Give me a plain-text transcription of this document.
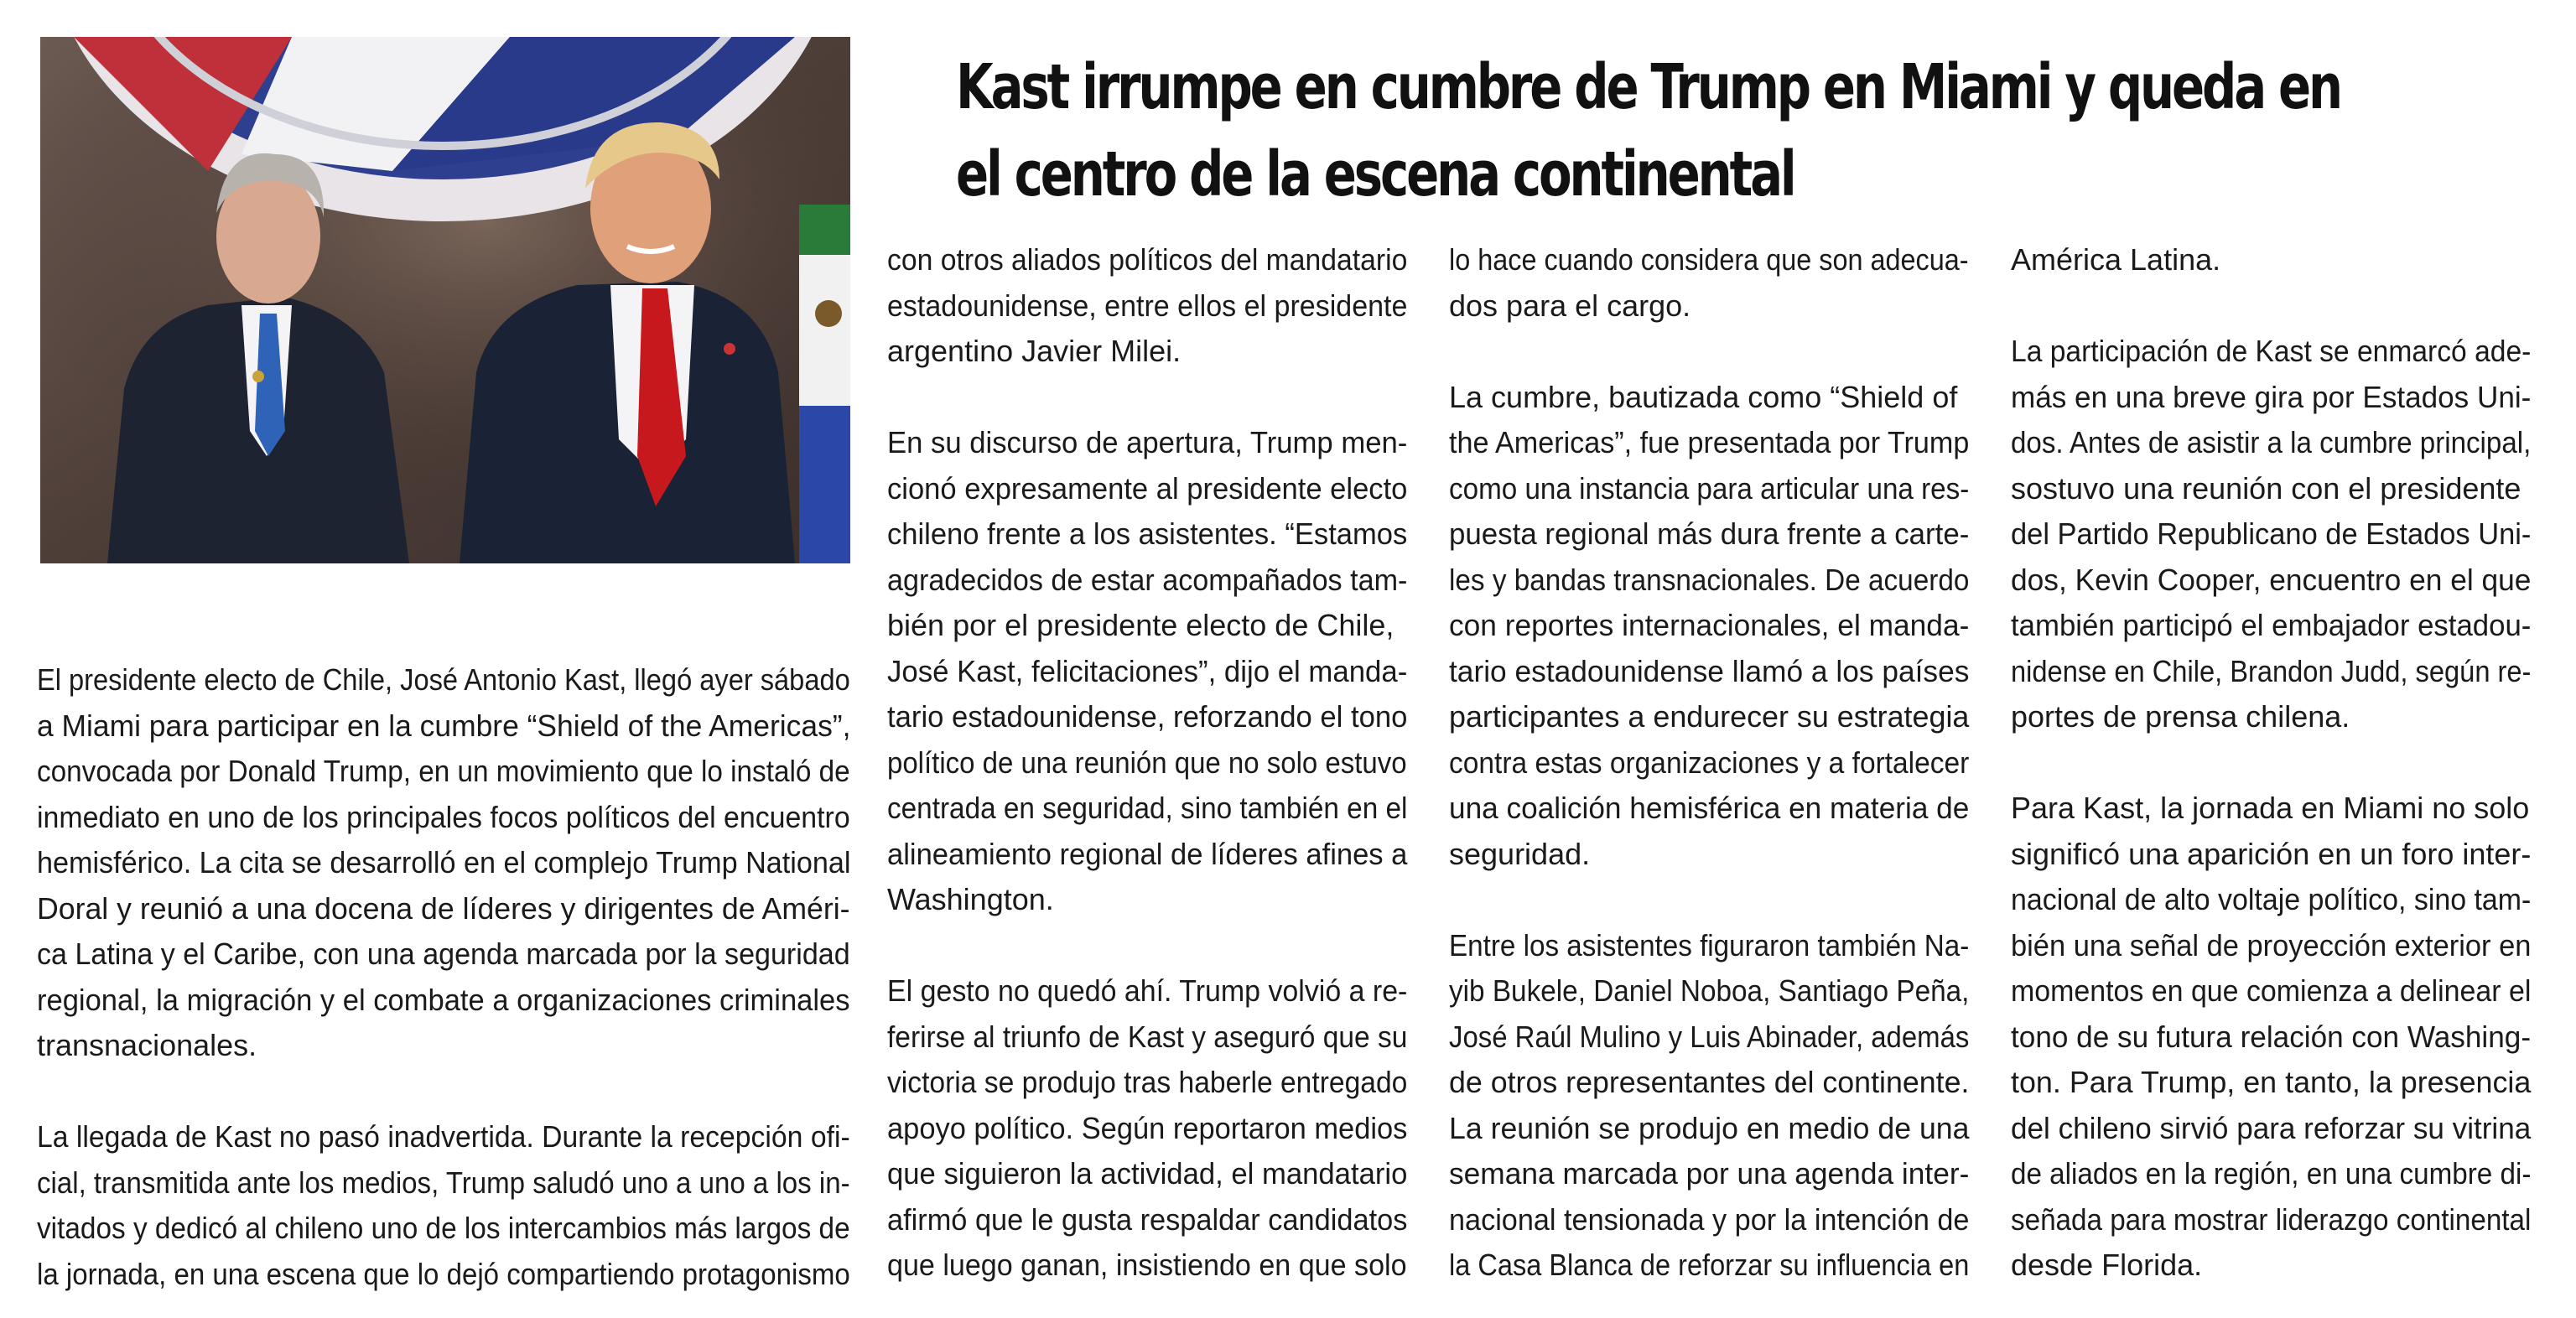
Kast irrumpe en cumbre de Trump en Miami y queda en
el centro de la escena continental

El presidente electo de Chile, José Antonio Kast, llegó ayer sábado
a Miami para participar en la cumbre “Shield of the Americas”,
convocada por Donald Trump, en un movimiento que lo instaló de
inmediato en uno de los principales focos políticos del encuentro
hemisférico. La cita se desarrolló en el complejo Trump National
Doral y reunió a una docena de líderes y dirigentes de Améri-
ca Latina y el Caribe, con una agenda marcada por la seguridad
regional, la migración y el combate a organizaciones criminales
transnacionales.

La llegada de Kast no pasó inadvertida. Durante la recepción ofi-
cial, transmitida ante los medios, Trump saludó uno a uno a los in-
vitados y dedicó al chileno uno de los intercambios más largos de
la jornada, en una escena que lo dejó compartiendo protagonismo

con otros aliados políticos del mandatario
estadounidense, entre ellos el presidente
argentino Javier Milei.

En su discurso de apertura, Trump men-
cionó expresamente al presidente electo
chileno frente a los asistentes. “Estamos
agradecidos de estar acompañados tam-
bién por el presidente electo de Chile,
José Kast, felicitaciones”, dijo el manda-
tario estadounidense, reforzando el tono
político de una reunión que no solo estuvo
centrada en seguridad, sino también en el
alineamiento regional de líderes afines a
Washington.

El gesto no quedó ahí. Trump volvió a re-
ferirse al triunfo de Kast y aseguró que su
victoria se produjo tras haberle entregado
apoyo político. Según reportaron medios
que siguieron la actividad, el mandatario
afirmó que le gusta respaldar candidatos
que luego ganan, insistiendo en que solo

lo hace cuando considera que son adecua-
dos para el cargo.

La cumbre, bautizada como “Shield of
the Americas”, fue presentada por Trump
como una instancia para articular una res-
puesta regional más dura frente a carte-
les y bandas transnacionales. De acuerdo
con reportes internacionales, el manda-
tario estadounidense llamó a los países
participantes a endurecer su estrategia
contra estas organizaciones y a fortalecer
una coalición hemisférica en materia de
seguridad.

Entre los asistentes figuraron también Na-
yib Bukele, Daniel Noboa, Santiago Peña,
José Raúl Mulino y Luis Abinader, además
de otros representantes del continente.
La reunión se produjo en medio de una
semana marcada por una agenda inter-
nacional tensionada y por la intención de
la Casa Blanca de reforzar su influencia en

América Latina.

La participación de Kast se enmarcó ade-
más en una breve gira por Estados Uni-
dos. Antes de asistir a la cumbre principal,
sostuvo una reunión con el presidente
del Partido Republicano de Estados Uni-
dos, Kevin Cooper, encuentro en el que
también participó el embajador estadou-
nidense en Chile, Brandon Judd, según re-
portes de prensa chilena.

Para Kast, la jornada en Miami no solo
significó una aparición en un foro inter-
nacional de alto voltaje político, sino tam-
bién una señal de proyección exterior en
momentos en que comienza a delinear el
tono de su futura relación con Washing-
ton. Para Trump, en tanto, la presencia
del chileno sirvió para reforzar su vitrina
de aliados en la región, en una cumbre di-
señada para mostrar liderazgo continental
desde Florida.
